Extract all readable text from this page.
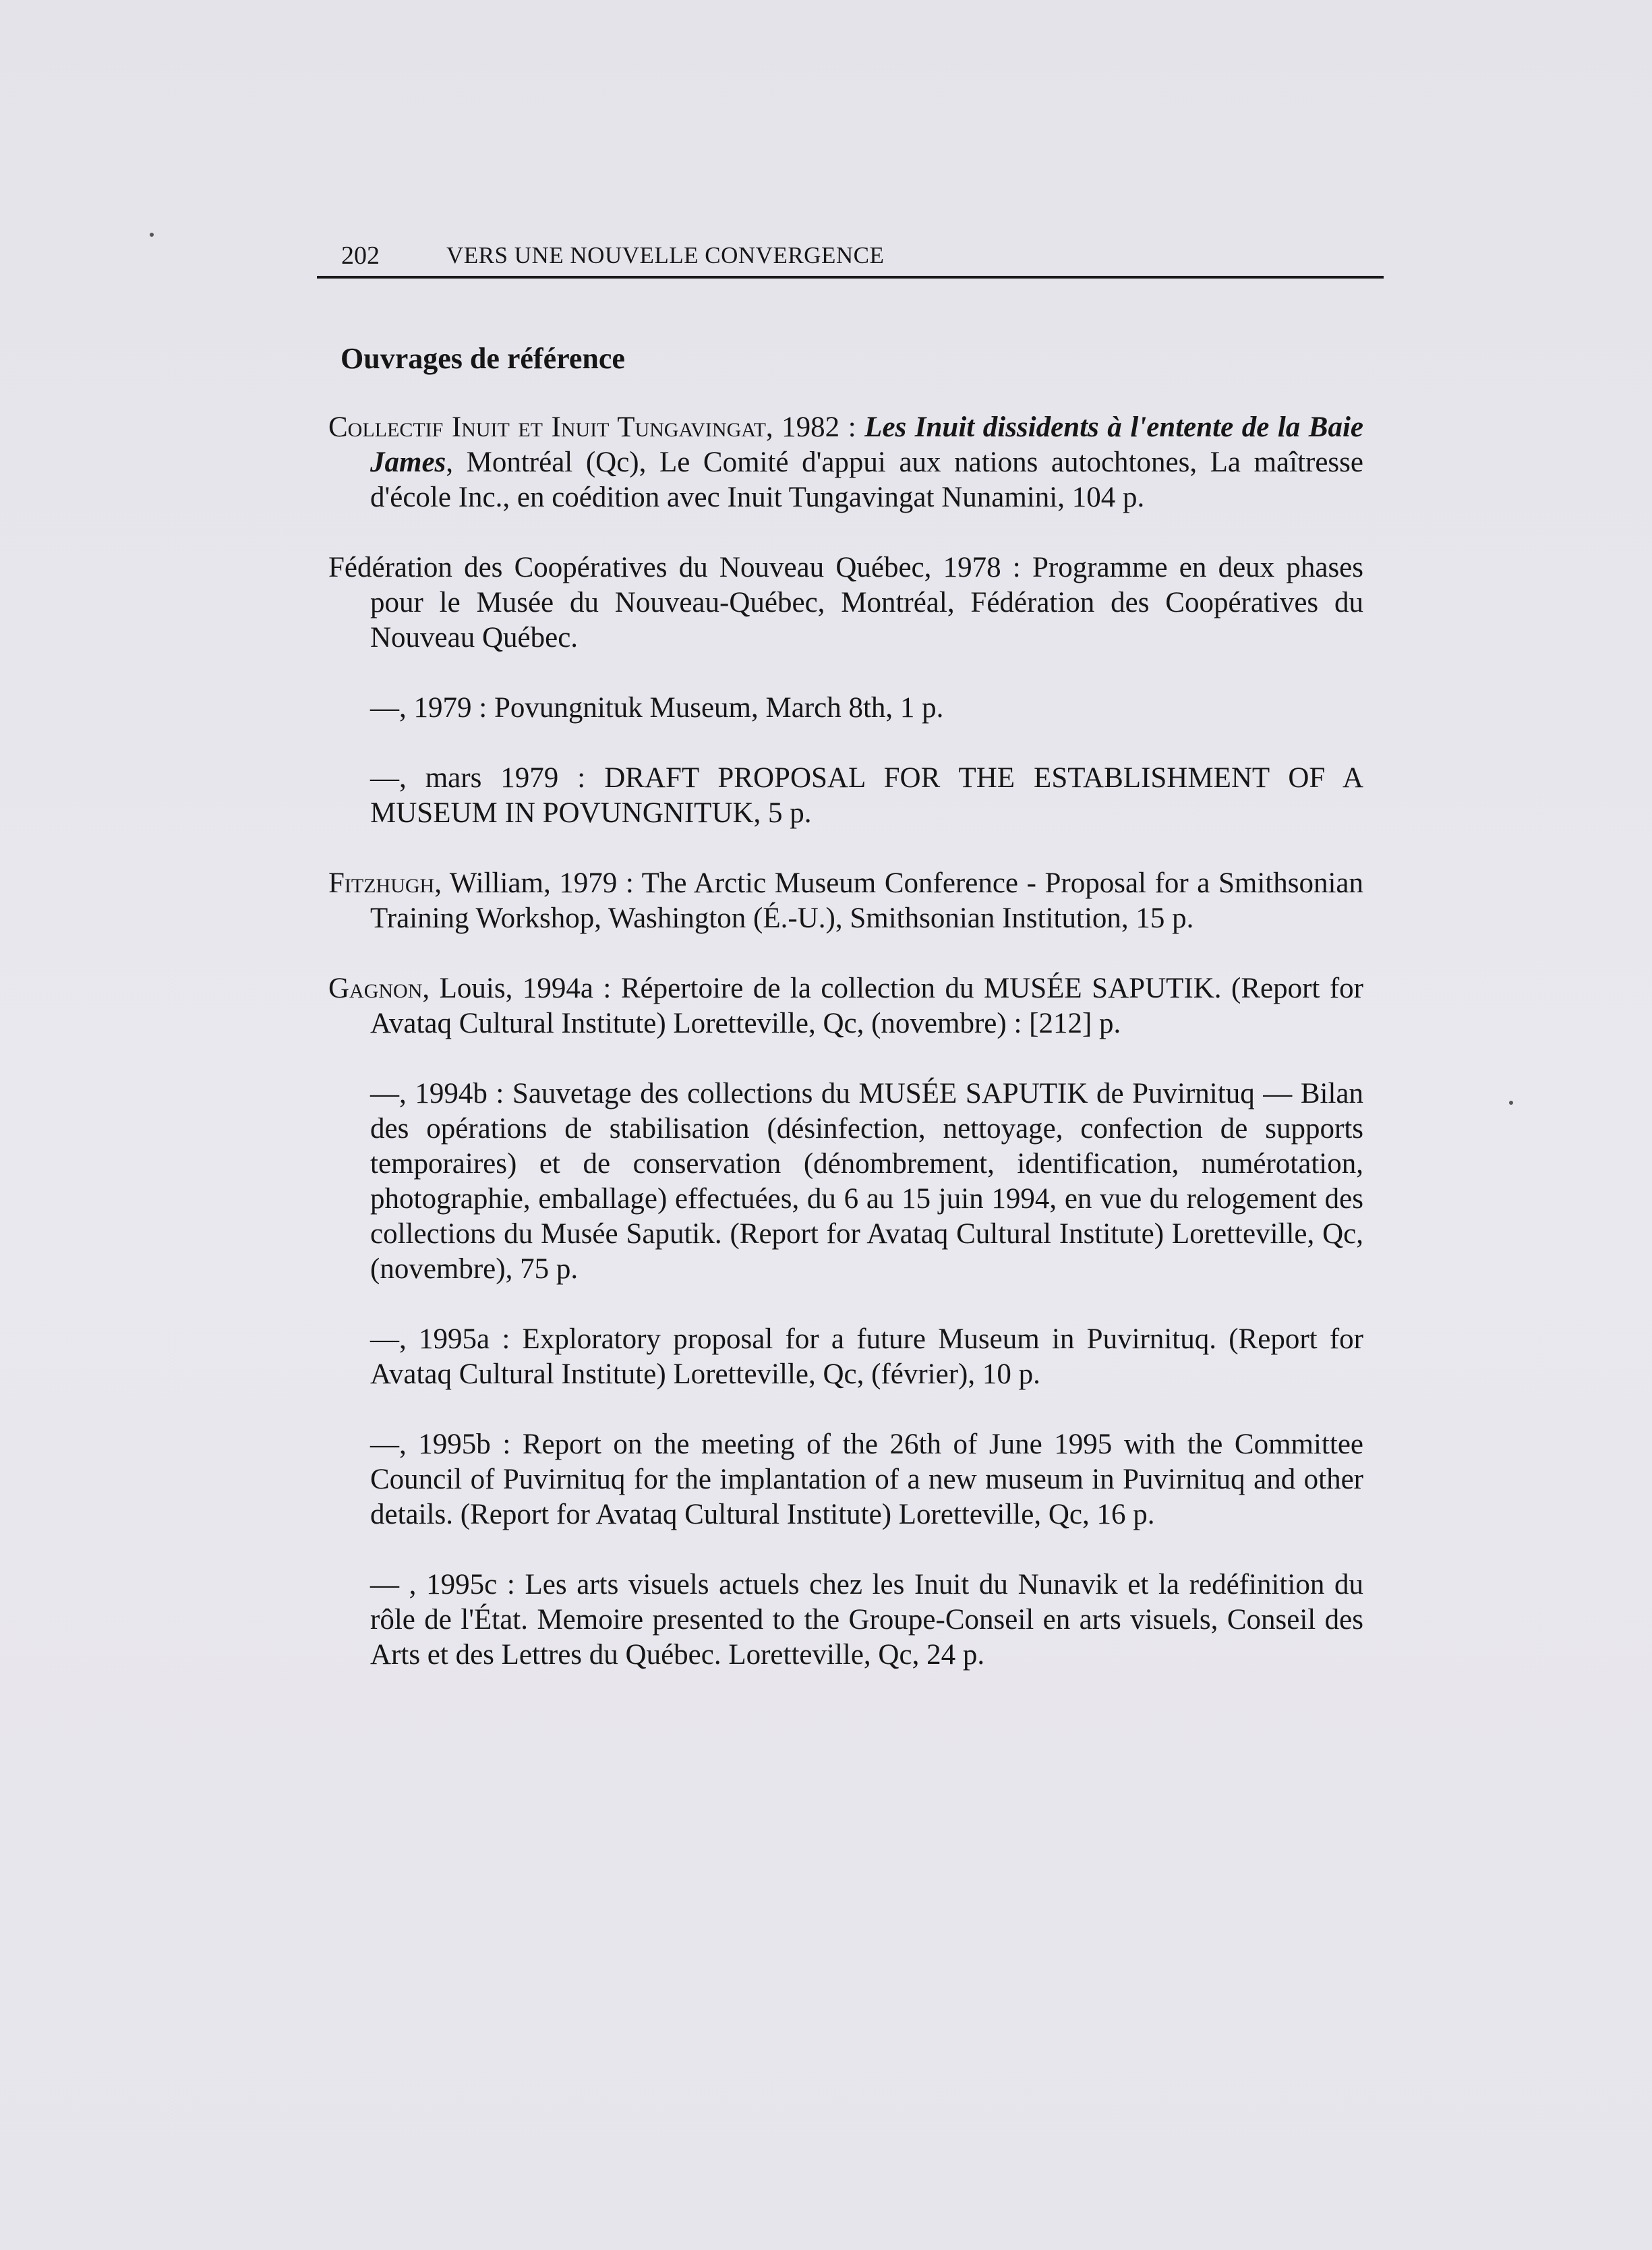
202	VERS UNE NOUVELLE CONVERGENCE
Ouvrages de référence

Collectif Inuit et Inuit Tungavingat, 1982 : Les Inuit dissidents à l'entente de la Baie James, Montréal (Qc), Le Comité d'appui aux nations autochtones, La maîtresse d'école Inc., en coédition avec Inuit Tungavingat Nunamini, 104 p.

Fédération des Coopératives du Nouveau Québec, 1978 : Programme en deux phases pour le Musée du Nouveau-Québec, Montréal, Fédération des Coopératives du Nouveau Québec.

—, 1979 : Povungnituk Museum, March 8th, 1 p.

—, mars 1979 : DRAFT PROPOSAL FOR THE ESTABLISHMENT OF A MUSEUM IN POVUNGNITUK, 5 p.

Fitzhugh, William, 1979 : The Arctic Museum Conference - Proposal for a Smithsonian Training Workshop, Washington (É.-U.), Smithsonian Institution, 15 p.

Gagnon, Louis, 1994a : Répertoire de la collection du MUSÉE SAPUTIK. (Report for Avataq Cultural Institute) Loretteville, Qc, (novembre) : [212] p.

—, 1994b : Sauvetage des collections du MUSÉE SAPUTIK de Puvirnituq — Bilan des opérations de stabilisation (désinfection, nettoyage, confection de supports temporaires) et de conservation (dénombrement, identification, numérotation, photographie, emballage) effectuées, du 6 au 15 juin 1994, en vue du relogement des collections du Musée Saputik. (Report for Avataq Cultural Institute) Loretteville, Qc, (novembre), 75 p.

—, 1995a : Exploratory proposal for a future Museum in Puvirnituq. (Report for Avataq Cultural Institute) Loretteville, Qc, (février), 10 p.

—, 1995b : Report on the meeting of the 26th of June 1995 with the Committee Council of Puvirnituq for the implantation of a new museum in Puvirnituq and other details. (Report for Avataq Cultural Institute) Loretteville, Qc, 16 p.

— , 1995c : Les arts visuels actuels chez les Inuit du Nunavik et la redéfinition du rôle de l'État. Memoire presented to the Groupe-Conseil en arts visuels, Conseil des Arts et des Lettres du Québec. Loretteville, Qc, 24 p.
